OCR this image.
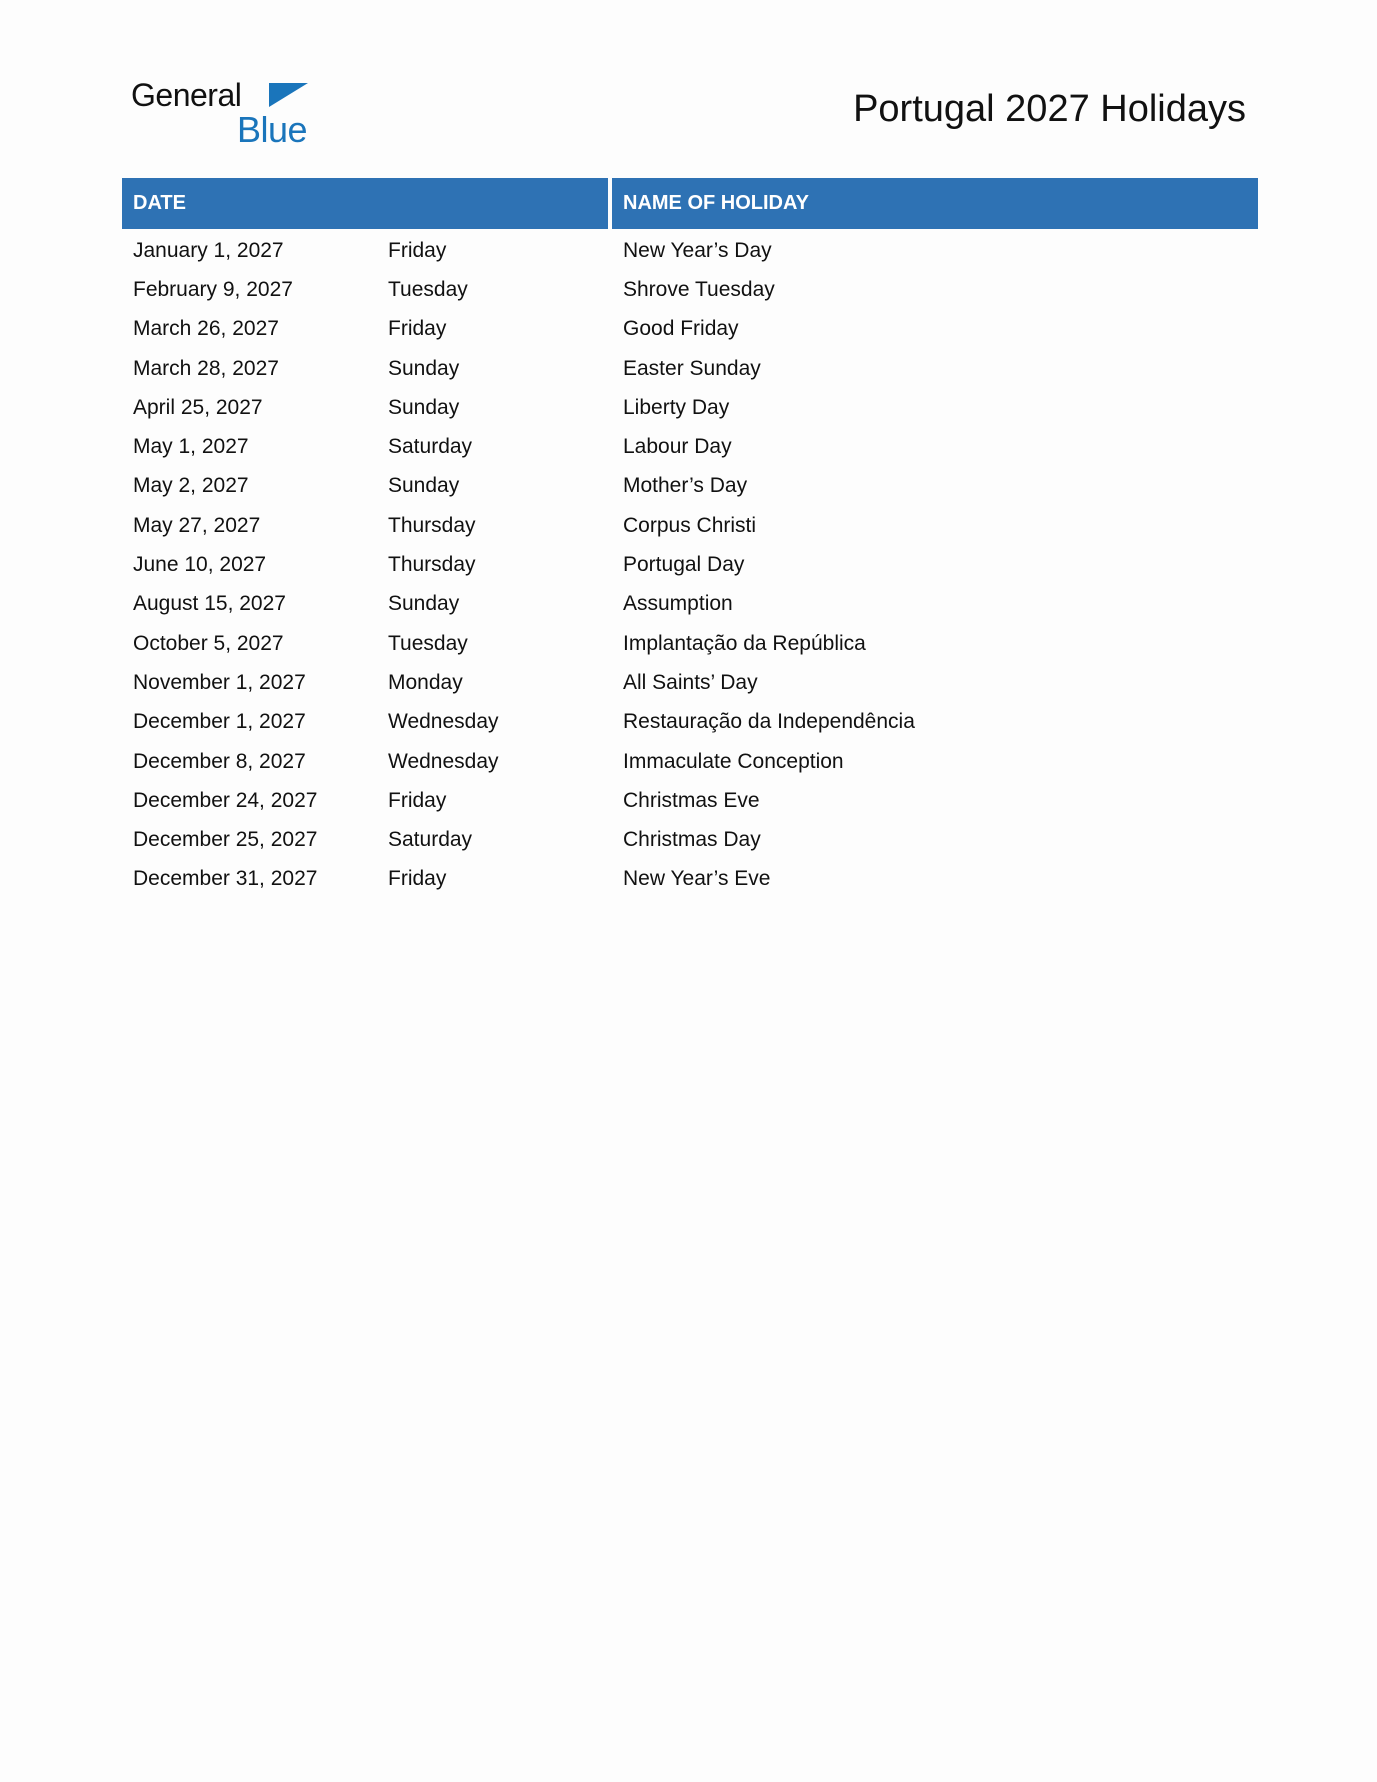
General
Blue	Portugal 2027 Holidays
DATE	NAME OF HOLIDAY
January 1, 2027	Friday	New Year’s Day
February 9, 2027	Tuesday	Shrove Tuesday
March 26, 2027	Friday	Good Friday
March 28, 2027	Sunday	Easter Sunday
April 25, 2027	Sunday	Liberty Day
May 1, 2027	Saturday	Labour Day
May 2, 2027	Sunday	Mother’s Day
May 27, 2027	Thursday	Corpus Christi
June 10, 2027	Thursday	Portugal Day
August 15, 2027	Sunday	Assumption
October 5, 2027	Tuesday	Implantação da República
November 1, 2027	Monday	All Saints’ Day
December 1, 2027	Wednesday	Restauração da Independência
December 8, 2027	Wednesday	Immaculate Conception
December 24, 2027	Friday	Christmas Eve
December 25, 2027	Saturday	Christmas Day
December 31, 2027	Friday	New Year’s Eve
